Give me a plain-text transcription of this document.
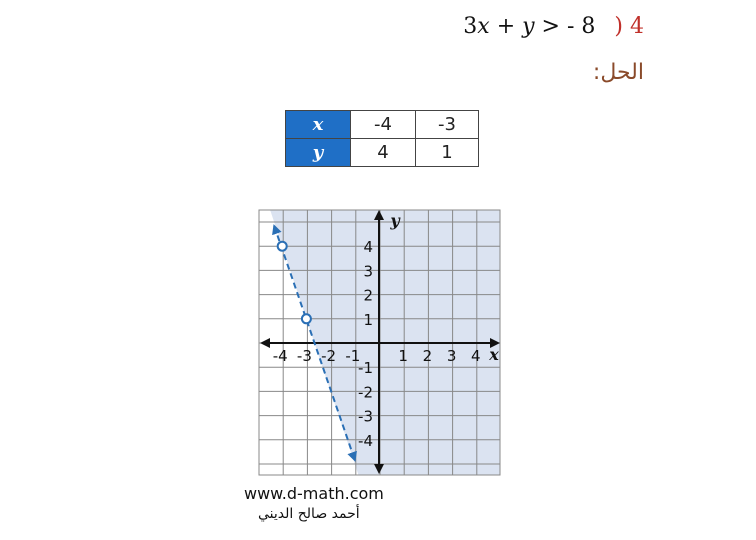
3x + y > - 8 ) 4
الحل:
x	-4	-3
y	4	1
-4 -3 -2 -1	1 2 3 4
4
3
2
1
-1
-2
-3
-4
x
y
www.d-math.com
أحمد صالح الديني
